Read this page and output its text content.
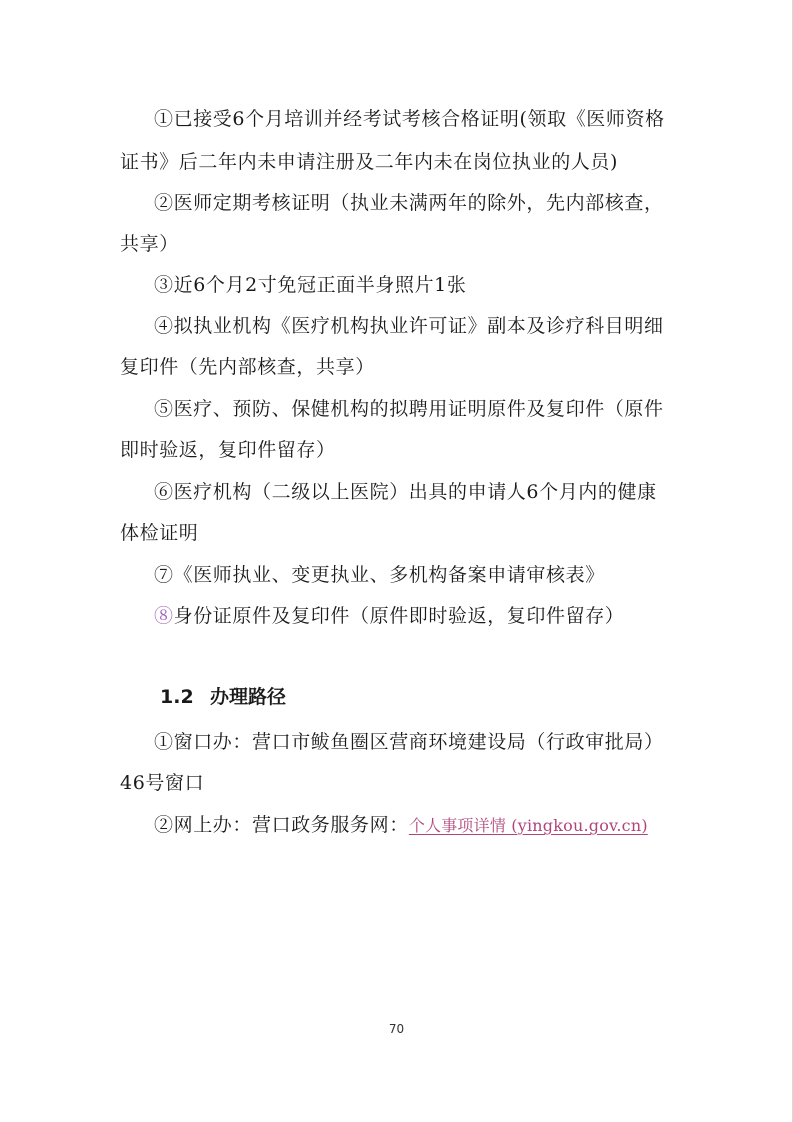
①已接受6个月培训并经考试考核合格证明(领取《医师资格
证书》后二年内未申请注册及二年内未在岗位执业的人员)
②医师定期考核证明（执业未满两年的除外，先内部核查，
共享）
③近6个月2寸免冠正面半身照片1张
④拟执业机构《医疗机构执业许可证》副本及诊疗科目明细
复印件（先内部核查，共享）
⑤医疗、预防、保健机构的拟聘用证明原件及复印件（原件
即时验返，复印件留存）
⑥医疗机构（二级以上医院）出具的申请人6个月内的健康
体检证明
⑦《医师执业、变更执业、多机构备案申请审核表》
⑧身份证原件及复印件（原件即时验返，复印件留存）
1.2 办理路径
①窗口办：营口市鲅鱼圈区营商环境建设局（行政审批局）
46号窗口
②网上办：营口政务服务网：个人事项详情 (yingkou.gov.cn)
70
